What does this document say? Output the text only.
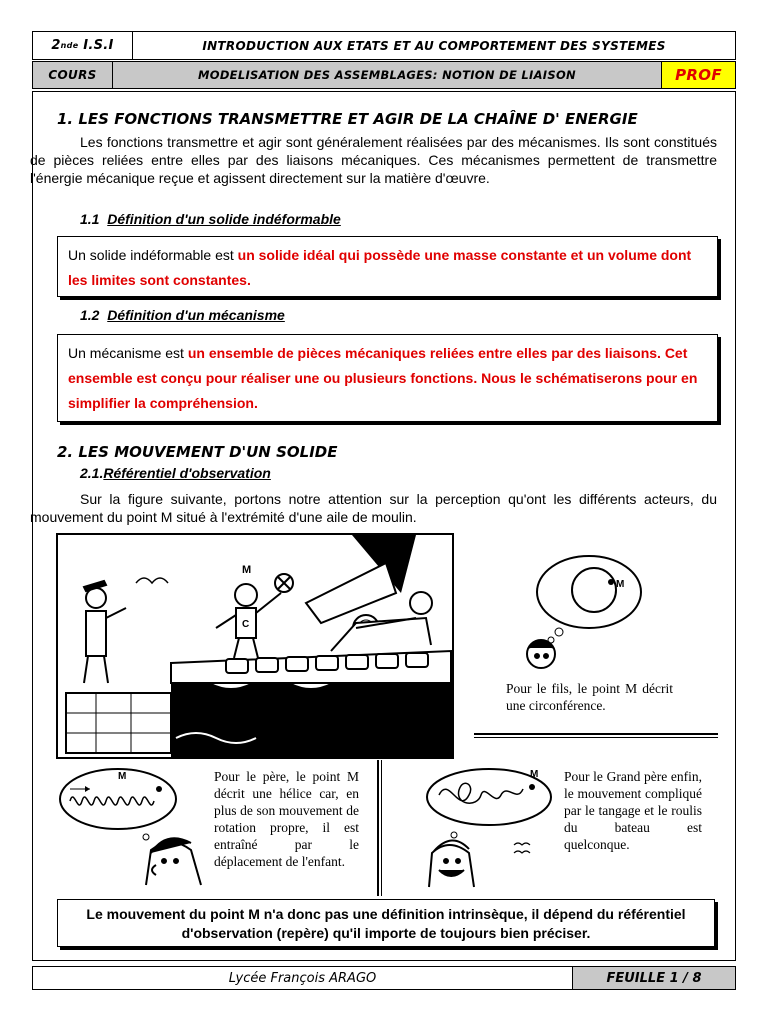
2 nde I.S.I	INTRODUCTION AUX ETATS ET AU COMPORTEMENT DES SYSTEMES
COURS	MODELISATION DES ASSEMBLAGES: NOTION DE LIAISON	PROF
1. LES FONCTIONS TRANSMETTRE ET AGIR DE LA CHAÎNE D' ENERGIE
Les fonctions transmettre et agir sont généralement réalisées par des mécanismes. Ils sont constitués de pièces reliées entre elles par des liaisons mécaniques. Ces mécanismes permettent de transmettre l'énergie mécanique reçue et agissent directement sur la matière d'œuvre.
1.1 Définition d'un solide indéformable
Un solide indéformable est un solide idéal qui possède une masse constante et un volume dont les limites sont constantes.
1.2 Définition d'un mécanisme
Un mécanisme est un ensemble de pièces mécaniques reliées entre elles par des liaisons. Cet ensemble est conçu pour réaliser une ou plusieurs fonctions. Nous le schématiserons pour en simplifier la compréhension.
2. LES MOUVEMENT D'UN SOLIDE
2.1.Référentiel d'observation
Sur la figure suivante, portons notre attention sur la perception qu'ont les différents acteurs, du mouvement du point M situé à l'extrémité d'une aile de moulin.
M
C
M
Pour le fils, le point M décrit une circonférence.
M	Pour le père, le point M décrit une hélice car, en plus de son mouvement de rotation propre, il est entraîné par le déplacement de l'enfant.
M Pour le Grand père enfin, le mouvement compliqué par le tangage et le roulis du bateau est quelconque.
Le mouvement du point M n'a donc pas une définition intrinsèque, il dépend du référentiel d'observation (repère) qu'il importe de toujours bien préciser.
Lycée François ARAGO	FEUILLE 1 / 8
